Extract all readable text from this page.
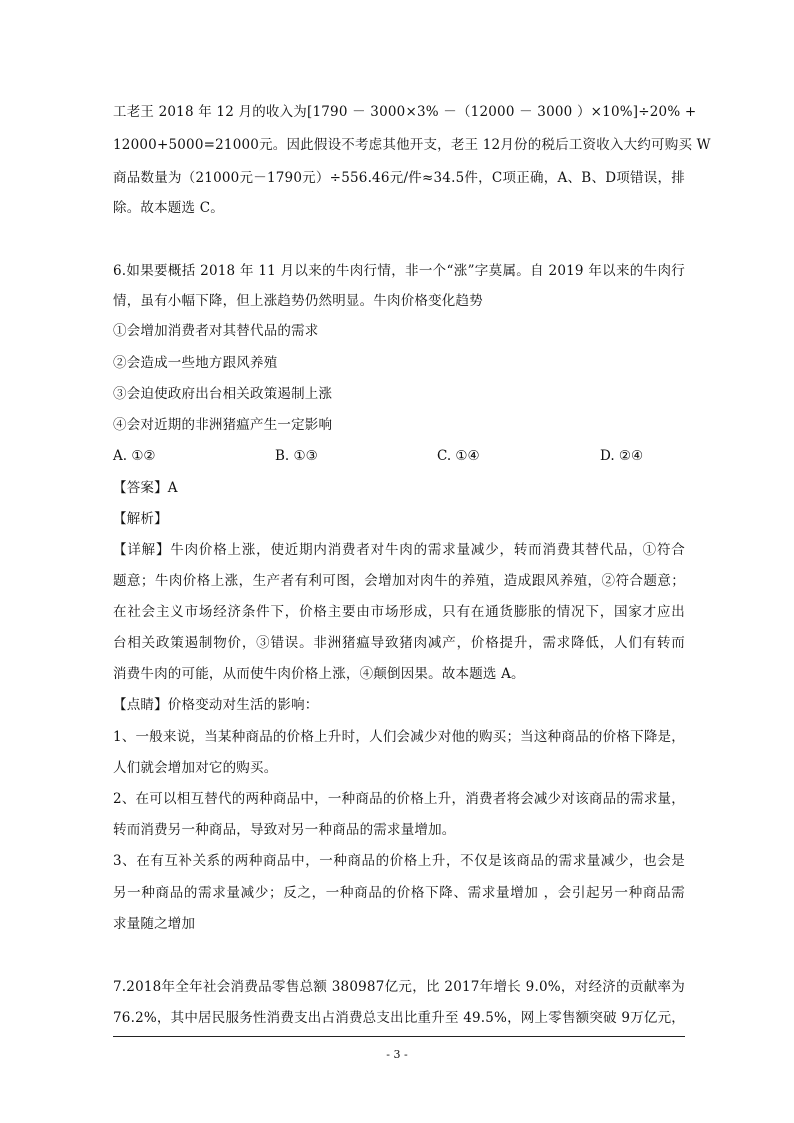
工老王 2018 年 12 月的收入为[1790 － 3000×3% －（12000 － 3000 ）×10%]÷20% +
12000+5000=21000元。因此假设不考虑其他开支，老王 12月份的税后工资收入大约可购买 W
商品数量为（21000元－1790元）÷556.46元/件≈34.5件，C项正确，A、B、D项错误，排
除。故本题选 C。
6.如果要概括 2018 年 11 月以来的牛肉行情，非一个“涨”字莫属。自 2019 年以来的牛肉行
情，虽有小幅下降，但上涨趋势仍然明显。牛肉价格变化趋势
①会增加消费者对其替代品的需求
②会造成一些地方跟风养殖
③会迫使政府出台相关政策遏制上涨
④会对近期的非洲猪瘟产生一定影响
A. ①②	B. ①③	C. ①④	D. ②④
【答案】A
【解析】
【详解】牛肉价格上涨，使近期内消费者对牛肉的需求量减少，转而消费其替代品，①符合
题意；牛肉价格上涨，生产者有利可图，会增加对肉牛的养殖，造成跟风养殖，②符合题意；
在社会主义市场经济条件下，价格主要由市场形成，只有在通货膨胀的情况下，国家才应出
台相关政策遏制物价，③错误。非洲猪瘟导致猪肉减产，价格提升，需求降低，人们有转而
消费牛肉的可能，从而使牛肉价格上涨，④颠倒因果。故本题选 A。
【点睛】价格变动对生活的影响：
1、一般来说，当某种商品的价格上升时，人们会减少对他的购买；当这种商品的价格下降是，
人们就会增加对它的购买。
2、在可以相互替代的两种商品中，一种商品的价格上升，消费者将会减少对该商品的需求量，
转而消费另一种商品，导致对另一种商品的需求量增加。
3、在有互补关系的两种商品中，一种商品的价格上升，不仅是该商品的需求量减少，也会是
另一种商品的需求量减少；反之，一种商品的价格下降、需求量增加 ，会引起另一种商品需
求量随之增加
7.2018年全年社会消费品零售总额 380987亿元，比 2017年增长 9.0%，对经济的贡献率为
76.2%，其中居民服务性消费支出占消费总支出比重升至 49.5%，网上零售额突破 9万亿元，
- 3 -
